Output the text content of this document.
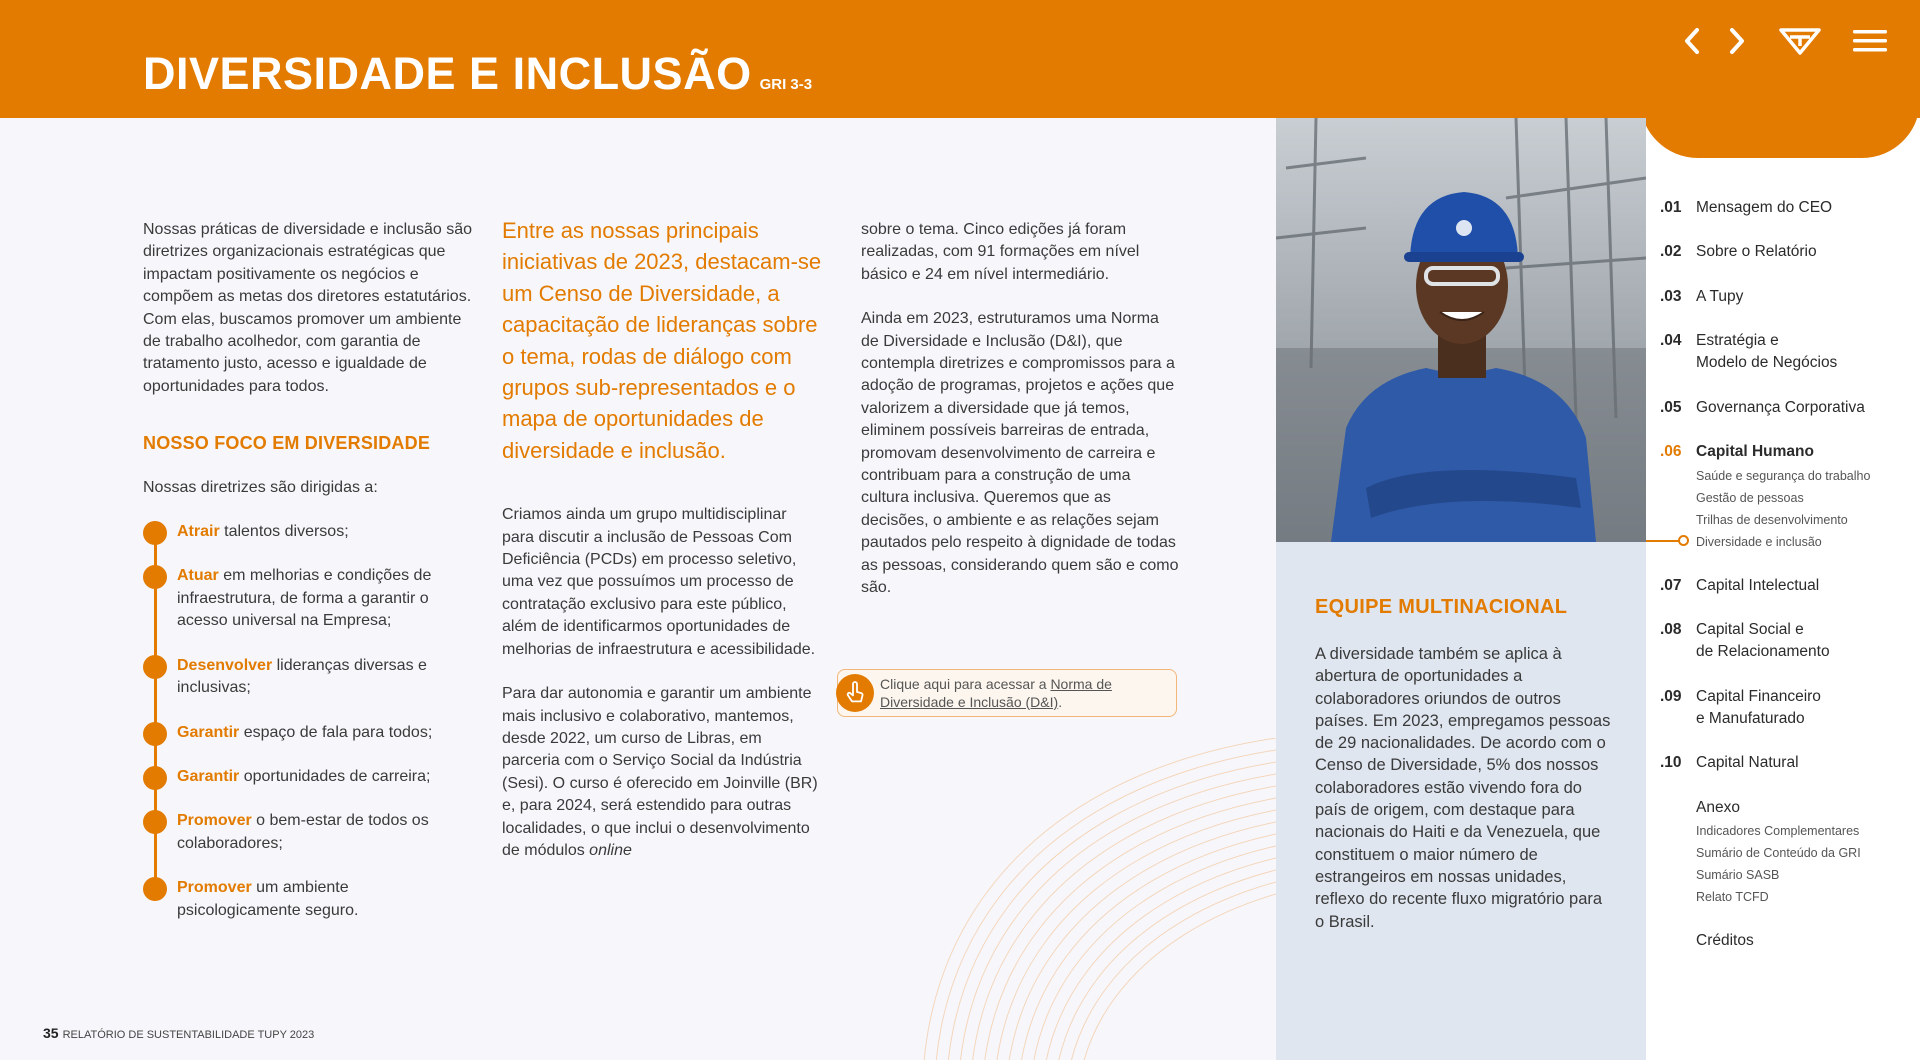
DIVERSIDADE E INCLUSÃO GRI 3-3

Nossas práticas de diversidade e inclusão são diretrizes organizacionais estratégicas que impactam positivamente os negócios e compõem as metas dos diretores estatutários. Com elas, buscamos promover um ambiente de trabalho acolhedor, com garantia de tratamento justo, acesso e igualdade de oportunidades para todos.

NOSSO FOCO EM DIVERSIDADE

Nossas diretrizes são dirigidas a:

Atrair talentos diversos;
Atuar em melhorias e condições de infraestrutura, de forma a garantir o acesso universal na Empresa;
Desenvolver lideranças diversas e inclusivas;
Garantir espaço de fala para todos;
Garantir oportunidades de carreira;
Promover o bem-estar de todos os colaboradores;
Promover um ambiente psicologicamente seguro.

Entre as nossas principais iniciativas de 2023, destacam-se um Censo de Diversidade, a capacitação de lideranças sobre o tema, rodas de diálogo com grupos sub-representados e o mapa de oportunidades de diversidade e inclusão.

Criamos ainda um grupo multidisciplinar para discutir a inclusão de Pessoas Com Deficiência (PCDs) em processo seletivo, uma vez que possuímos um processo de contratação exclusivo para este público, além de identificarmos oportunidades de melhorias de infraestrutura e acessibilidade.

Para dar autonomia e garantir um ambiente mais inclusivo e colaborativo, mantemos, desde 2022, um curso de Libras, em parceria com o Serviço Social da Indústria (Sesi). O curso é oferecido em Joinville (BR) e, para 2024, será estendido para outras localidades, o que inclui o desenvolvimento de módulos online

sobre o tema. Cinco edições já foram realizadas, com 91 formações em nível básico e 24 em nível intermediário.

Ainda em 2023, estruturamos uma Norma de Diversidade e Inclusão (D&I), que contempla diretrizes e compromissos para a adoção de programas, projetos e ações que valorizem a diversidade que já temos, eliminem possíveis barreiras de entrada, promovam desenvolvimento de carreira e contribuam para a construção de uma cultura inclusiva. Queremos que as decisões, o ambiente e as relações sejam pautados pelo respeito à dignidade de todas as pessoas, considerando quem são e como são.

Clique aqui para acessar a Norma de Diversidade e Inclusão (D&I).
EQUIPE MULTINACIONAL
A diversidade também se aplica à abertura de oportunidades a colaboradores oriundos de outros países. Em 2023, empregamos pessoas de 29 nacionalidades. De acordo com o Censo de Diversidade, 5% dos nossos colaboradores estão vivendo fora do país de origem, com destaque para nacionais do Haiti e da Venezuela, que constituem o maior número de estrangeiros em nossas unidades, reflexo do recente fluxo migratório para o Brasil.
.01 Mensagem do CEO
.02 Sobre o Relatório
.03 A Tupy
.04 Estratégia e
Modelo de Negócios
.05 Governança Corporativa
.06 Capital Humano
Saúde e segurança do trabalho
Gestão de pessoas
Trilhas de desenvolvimento
Diversidade e inclusão
.07 Capital Intelectual
.08 Capital Social e
de Relacionamento
.09 Capital Financeiro
e Manufaturado
.10 Capital Natural
Anexo
Indicadores Complementares
Sumário de Conteúdo da GRI
Sumário SASB
Relato TCFD
Créditos
35 RELATÓRIO DE SUSTENTABILIDADE TUPY 2023
